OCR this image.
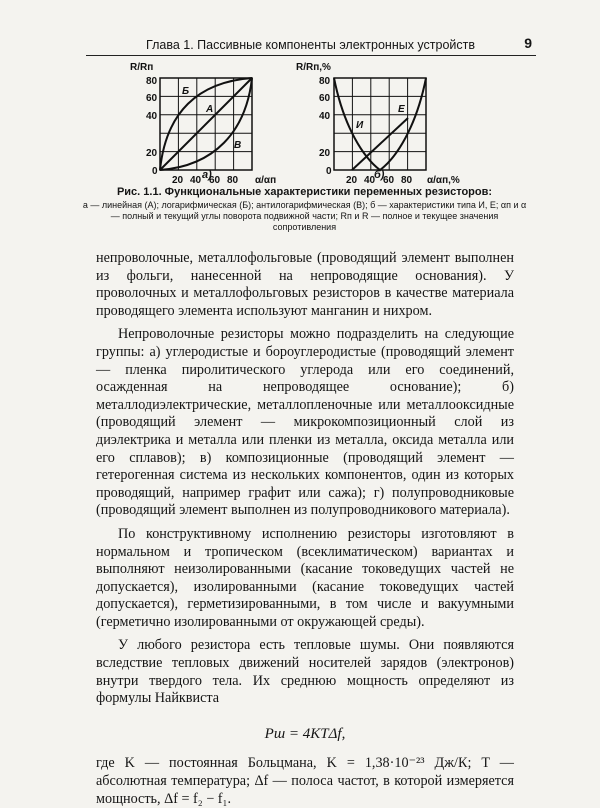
Глава 1. Пассивные компоненты электронных устройств	9
R/Rп
80
60
40
20
0
20 40 60 80 α/αп
Б
А
В
R/Rп,%
80
60
40
20
0
20 40 60 80 α/αп,%
И
Е
а)	б)
Рис. 1.1. Функциональные характеристики переменных резисторов:
а — линейная (А); логарифмическая (Б); антилогарифмическая (В); б — характеристики типа И, Е; αп и α — полный и текущий углы поворота подвижной части; Rп и R — полное и текущее значения сопротивления

непроволочные, металлофольговые (проводящий элемент выполнен из фольги, нанесенной на непроводящие основания). У проволочных и металлофольговых резисторов в качестве материала проводящего элемента используют манганин и нихром.

Непроволочные резисторы можно подразделить на следующие группы: а) углеродистые и бороуглеродистые (проводящий элемент — пленка пиролитического углерода или его соединений, осажденная на непроводящее основание); б) металлодиэлектрические, металлопленочные или металлооксидные (проводящий элемент — микрокомпозиционный слой из диэлектрика и металла или пленки из металла, оксида металла или его сплавов); в) композиционные (проводящий элемент — гетерогенная система из нескольких компонентов, один из которых проводящий, например графит или сажа); г) полупроводниковые (проводящий элемент выполнен из полупроводникового материала).

По конструктивному исполнению резисторы изготовляют в нормальном и тропическом (всеклиматическом) вариантах и выполняют неизолированными (касание токоведущих частей не допускается), изолированными (касание токоведущих частей допускается), герметизированными, в том числе и вакуумными (герметично изолированными от окружающей среды).

У любого резистора есть тепловые шумы. Они появляются вследствие тепловых движений носителей зарядов (электронов) внутри твердого тела. Их среднюю мощность определяют из формулы Найквиста

Pш = 4KTΔf,

где K — постоянная Больцмана, K = 1,38·10⁻²³ Дж/К; T — абсолютная температура; Δf — полоса частот, в которой измеряется мощность, Δf = f₂ − f₁.
